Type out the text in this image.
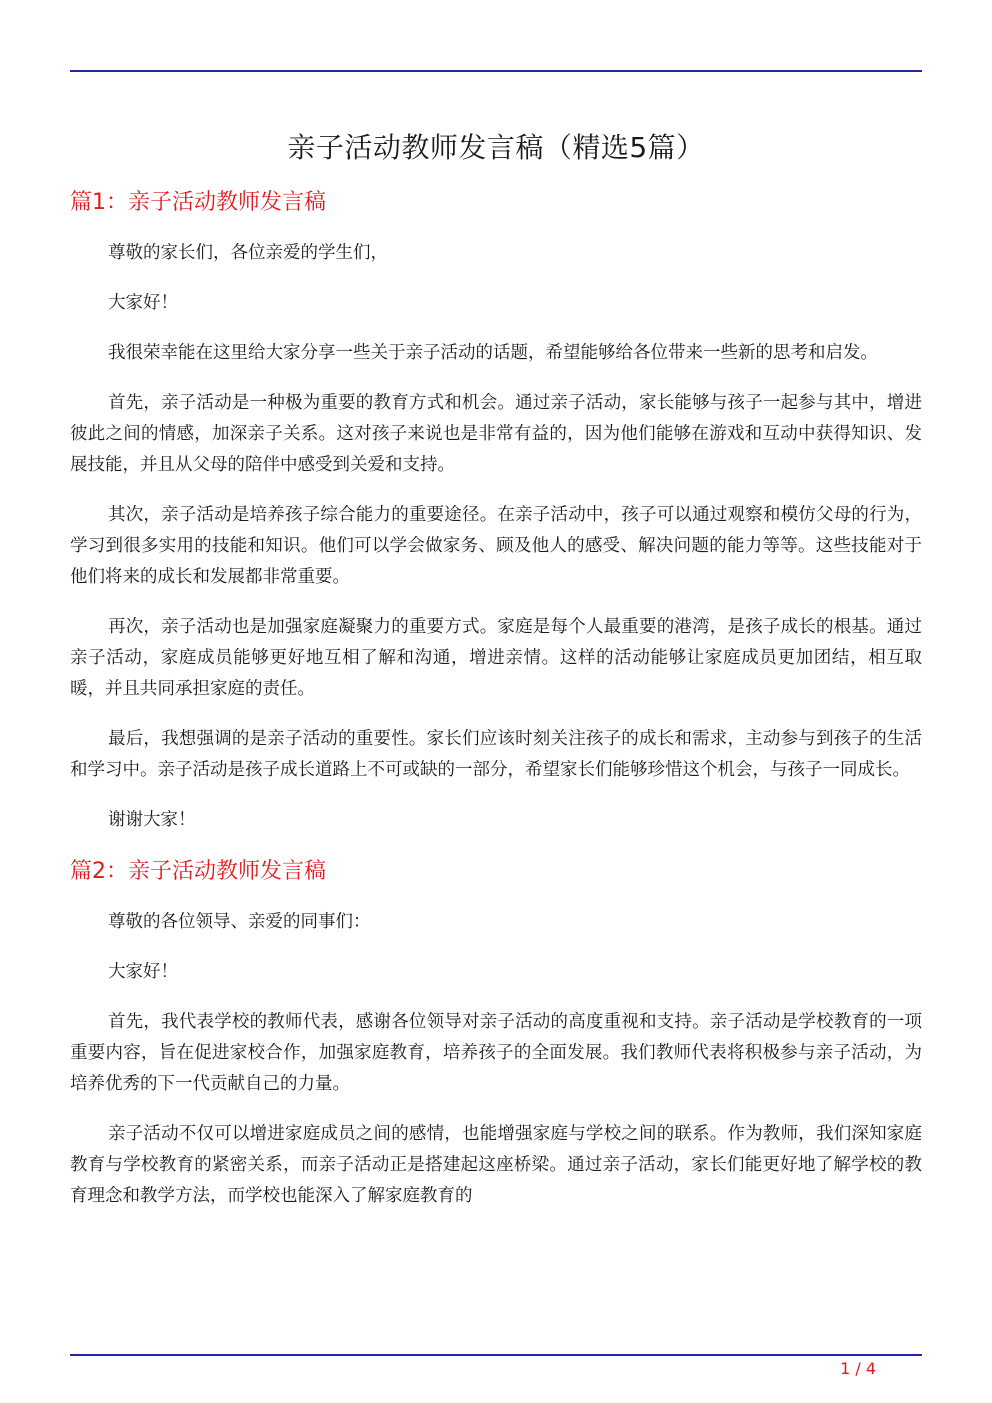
亲子活动教师发言稿（精选5篇）
篇1：亲子活动教师发言稿

尊敬的家长们，各位亲爱的学生们，

大家好！

我很荣幸能在这里给大家分享一些关于亲子活动的话题，希望能够给各位带来一些新的思考和启发。

首先，亲子活动是一种极为重要的教育方式和机会。通过亲子活动，家长能够与孩子一起参与其中，增进彼此之间的情感，加深亲子关系。这对孩子来说也是非常有益的，因为他们能够在游戏和互动中获得知识、发展技能，并且从父母的陪伴中感受到关爱和支持。

其次，亲子活动是培养孩子综合能力的重要途径。在亲子活动中，孩子可以通过观察和模仿父母的行为，学习到很多实用的技能和知识。他们可以学会做家务、顾及他人的感受、解决问题的能力等等。这些技能对于他们将来的成长和发展都非常重要。

再次，亲子活动也是加强家庭凝聚力的重要方式。家庭是每个人最重要的港湾，是孩子成长的根基。通过亲子活动，家庭成员能够更好地互相了解和沟通，增进亲情。这样的活动能够让家庭成员更加团结，相互取暖，并且共同承担家庭的责任。

最后，我想强调的是亲子活动的重要性。家长们应该时刻关注孩子的成长和需求，主动参与到孩子的生活和学习中。亲子活动是孩子成长道路上不可或缺的一部分，希望家长们能够珍惜这个机会，与孩子一同成长。

谢谢大家！

篇2：亲子活动教师发言稿

尊敬的各位领导、亲爱的同事们：

大家好！

首先，我代表学校的教师代表，感谢各位领导对亲子活动的高度重视和支持。亲子活动是学校教育的一项重要内容，旨在促进家校合作，加强家庭教育，培养孩子的全面发展。我们教师代表将积极参与亲子活动，为培养优秀的下一代贡献自己的力量。

亲子活动不仅可以增进家庭成员之间的感情，也能增强家庭与学校之间的联系。作为教师，我们深知家庭教育与学校教育的紧密关系，而亲子活动正是搭建起这座桥梁。通过亲子活动，家长们能更好地了解学校的教育理念和教学方法，而学校也能深入了解家庭教育的

1 / 4
